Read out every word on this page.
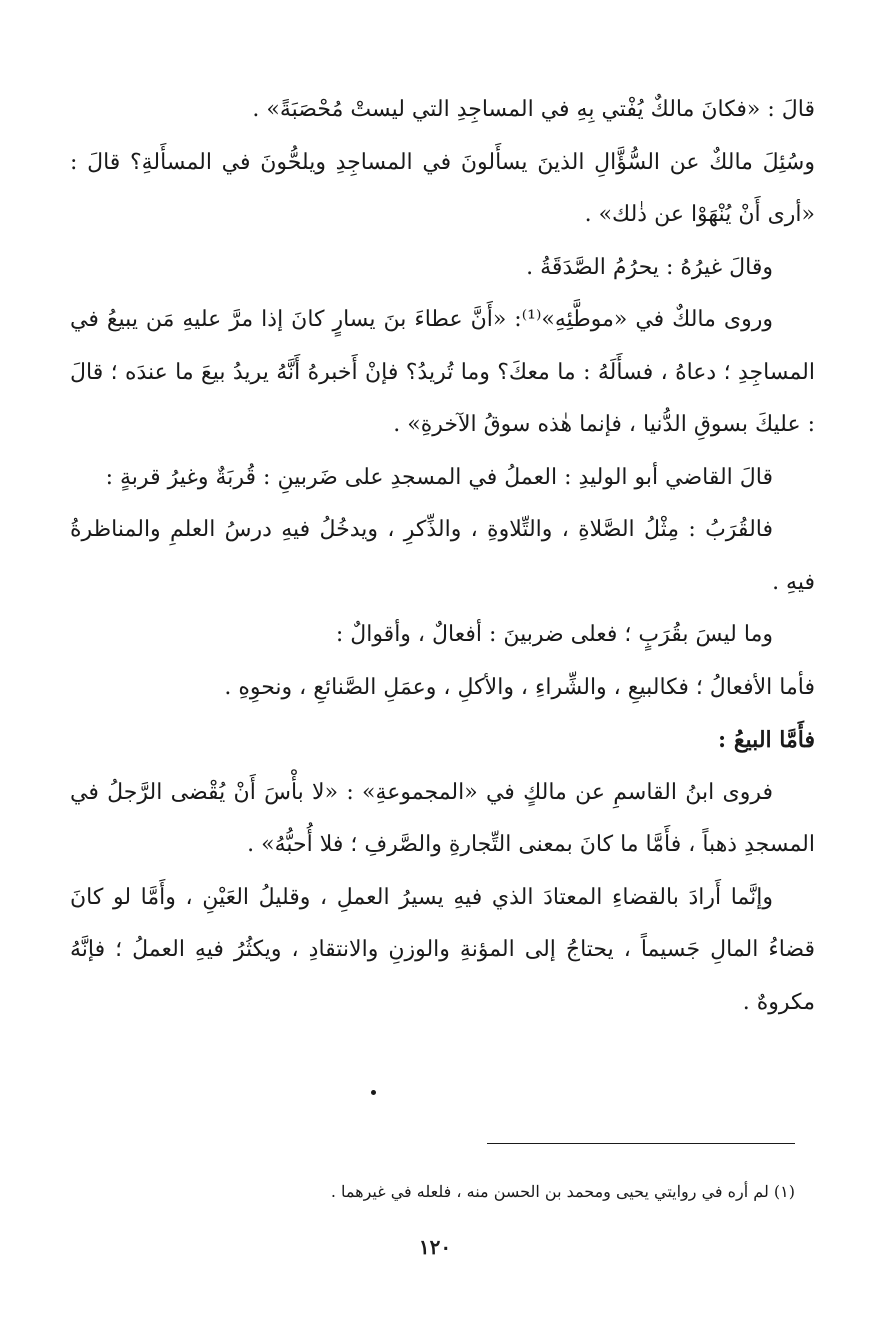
قالَ : «فكانَ مالكٌ يُفْتي بِهِ في المساجِدِ التي ليستْ مُحْصَبَةً» .

وسُئِلَ مالكٌ عن السُّؤَّالِ الذينَ يسأَلونَ في المساجِدِ ويلحُّونَ في المسأَلةِ؟ قالَ : «أرى أَنْ يُنْهَوْا عن ذٰلك» .

وقالَ غيرُهُ : يحرُمُ الصَّدَقَةُ .

وروى مالكٌ في «موطَّئِهِ»⁽¹⁾: «أَنَّ عطاءَ بنَ يسارٍ كانَ إذا مرَّ عليهِ مَن يبيعُ في المساجِدِ ؛ دعاهُ ، فسأَلَهُ : ما معكَ؟ وما تُريدُ؟ فإنْ أَخبرهُ أَنَّهُ يريدُ بيعَ ما عندَه ؛ قالَ : عليكَ بسوقِ الدُّنيا ، فإنما هٰذه سوقُ الآخرةِ» .

قالَ القاضي أبو الوليدِ : العملُ في المسجدِ على ضَربينِ : قُربَةٌ وغيرُ قربةٍ :

فالقُرَبُ : مِثْلُ الصَّلاةِ ، والتِّلاوةِ ، والذِّكرِ ، ويدخُلُ فيهِ درسُ العلمِ والمناظرةُ فيهِ .

وما ليسَ بقُرَبٍ ؛ فعلى ضربينَ : أفعالٌ ، وأقوالٌ :

فأما الأفعالُ ؛ فكالبيعِ ، والشِّراءِ ، والأكلِ ، وعمَلِ الصَّنائعِ ، ونحوِهِ .

فأَمَّا البيعُ :

فروى ابنُ القاسمِ عن مالكٍ في «المجموعةِ» : «لا بأْسَ أَنْ يُقْضى الرَّجلُ في المسجدِ ذهباً ، فأَمَّا ما كانَ بمعنى التِّجارةِ والصَّرفِ ؛ فلا أُحبُّهُ» .

وإنَّما أَرادَ بالقضاءِ المعتادَ الذي فيهِ يسيرُ العملِ ، وقليلُ العَيْنِ ، وأَمَّا لو كانَ قضاءُ المالِ جَسيماً ، يحتاجُ إلى المؤنةِ والوزنِ والانتقادِ ، ويكثُرُ فيهِ العملُ ؛ فإنَّهُ مكروهٌ .

(١) لم أره في روايتي يحيى ومحمد بن الحسن منه ، فلعله في غيرهما .

١٢٠
